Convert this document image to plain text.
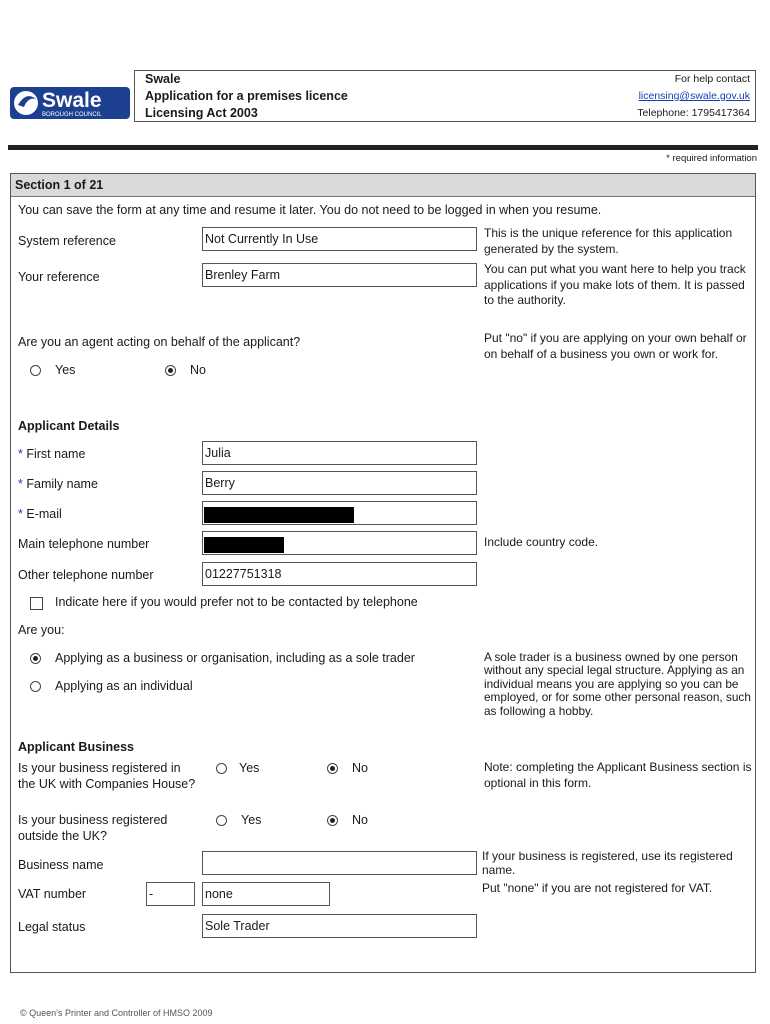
Swale
BOROUGH COUNCIL
Swale
Application for a premises licence
Licensing Act 2003
For help contact
licensing@swale.gov.uk
Telephone: 1795417364
* required information
Section 1 of 21
You can save the form at any time and resume it later. You do not need to be logged in when you resume.
System reference	Not Currently In Use	This is the unique reference for this application generated by the system.
Your reference	Brenley Farm	You can put what you want here to help you track applications if you make lots of them. It is passed to the authority.
Are you an agent acting on behalf of the applicant?	Put "no" if you are applying on your own behalf or on behalf of a business you own or work for.
Yes	No
Applicant Details
* First name	Julia
* Family name	Berry
* E-mail
Main telephone number	Include country code.
Other telephone number	01227751318
Indicate here if you would prefer not to be contacted by telephone
Are you:
Applying as a business or organisation, including as a sole trader
Applying as an individual
A sole trader is a business owned by one person without any special legal structure. Applying as an individual means you are applying so you can be employed, or for some other personal reason, such as following a hobby.
Applicant Business
Is your business registered in the UK with Companies House?
Yes	No	Note: completing the Applicant Business section is optional in this form.
Is your business registered outside the UK?
Yes	No
Business name
If your business is registered, use its registered name.
VAT number	-	none	Put "none" if you are not registered for VAT.
Legal status	Sole Trader
© Queen’s Printer and Controller of HMSO 2009
